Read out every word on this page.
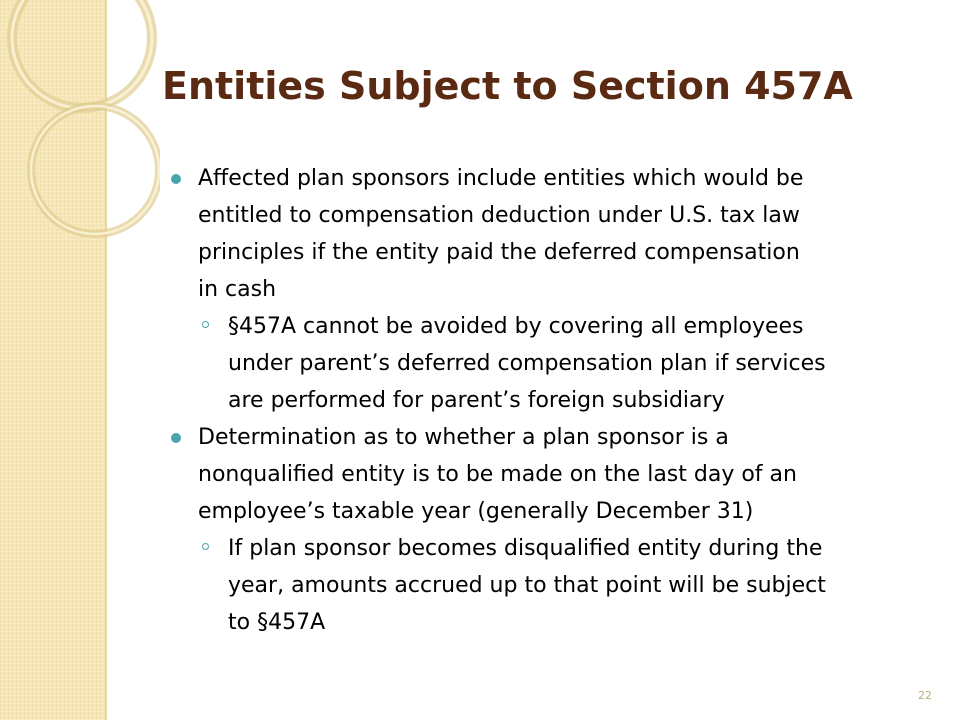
Entities Subject to Section 457A
Affected plan sponsors include entities which would be
entitled to compensation deduction under U.S. tax law
principles if the entity paid the deferred compensation
in cash
§457A cannot be avoided by covering all employees
under parent’s deferred compensation plan if services
are performed for parent’s foreign subsidiary
Determination as to whether a plan sponsor is a
nonqualified entity is to be made on the last day of an
employee’s taxable year (generally December 31)
If plan sponsor becomes disqualified entity during the
year, amounts accrued up to that point will be subject
to §457A
22
